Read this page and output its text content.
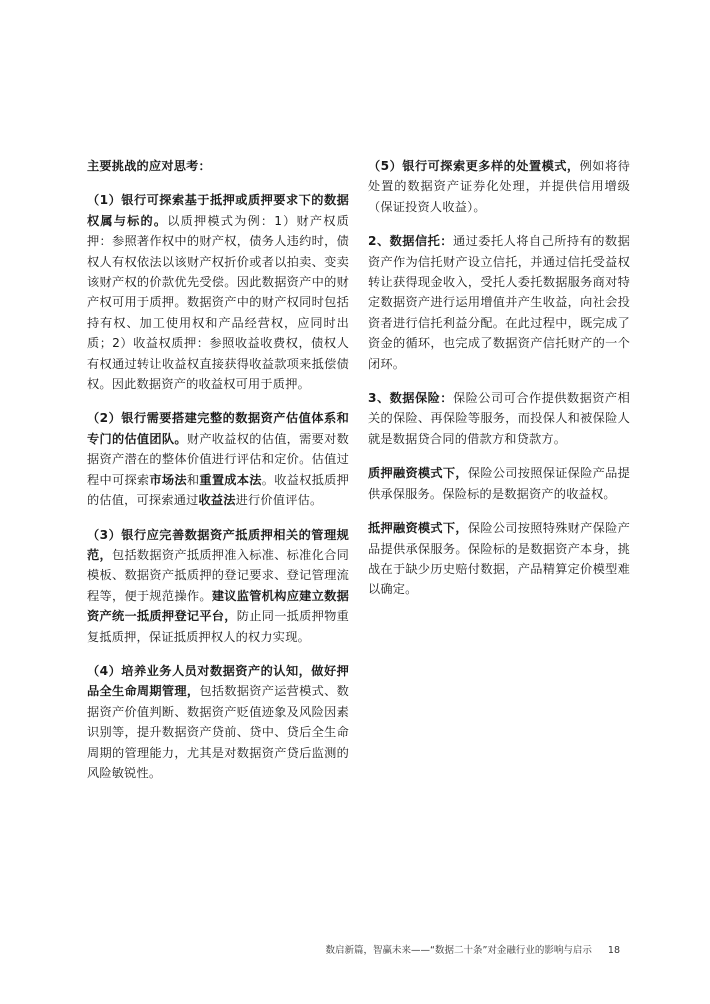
主要挑战的应对思考：

（1）银行可探索基于抵押或质押要求下的数据权属与标的。以质押模式为例：1）财产权质押：参照著作权中的财产权，债务人违约时，债权人有权依法以该财产权折价或者以拍卖、变卖该财产权的价款优先受偿。因此数据资产中的财产权可用于质押。数据资产中的财产权同时包括持有权、加工使用权和产品经营权，应同时出质；2）收益权质押：参照收益收费权，债权人有权通过转让收益权直接获得收益款项来抵偿债权。因此数据资产的收益权可用于质押。

（2）银行需要搭建完整的数据资产估值体系和专门的估值团队。财产收益权的估值，需要对数据资产潜在的整体价值进行评估和定价。估值过程中可探索市场法和重置成本法。收益权抵质押的估值，可探索通过收益法进行价值评估。

（3）银行应完善数据资产抵质押相关的管理规范，包括数据资产抵质押准入标准、标准化合同模板、数据资产抵质押的登记要求、登记管理流程等，便于规范操作。建议监管机构应建立数据资产统一抵质押登记平台，防止同一抵质押物重复抵质押，保证抵质押权人的权力实现。

（4）培养业务人员对数据资产的认知，做好押品全生命周期管理，包括数据资产运营模式、数据资产价值判断、数据资产贬值迹象及风险因素识别等，提升数据资产贷前、贷中、贷后全生命周期的管理能力，尤其是对数据资产贷后监测的风险敏锐性。

（5）银行可探索更多样的处置模式，例如将待处置的数据资产证券化处理，并提供信用增级（保证投资人收益）。

2、数据信托：通过委托人将自己所持有的数据资产作为信托财产设立信托，并通过信托受益权转让获得现金收入，受托人委托数据服务商对特定数据资产进行运用增值并产生收益，向社会投资者进行信托利益分配。在此过程中，既完成了资金的循环，也完成了数据资产信托财产的一个闭环。

3、数据保险：保险公司可合作提供数据资产相关的保险、再保险等服务，而投保人和被保险人就是数据贷合同的借款方和贷款方。

质押融资模式下，保险公司按照保证保险产品提供承保服务。保险标的是数据资产的收益权。

抵押融资模式下，保险公司按照特殊财产保险产品提供承保服务。保险标的是数据资产本身，挑战在于缺少历史赔付数据，产品精算定价模型难以确定。

数启新篇，智赢未来——“数据二十条”对金融行业的影响与启示 18
